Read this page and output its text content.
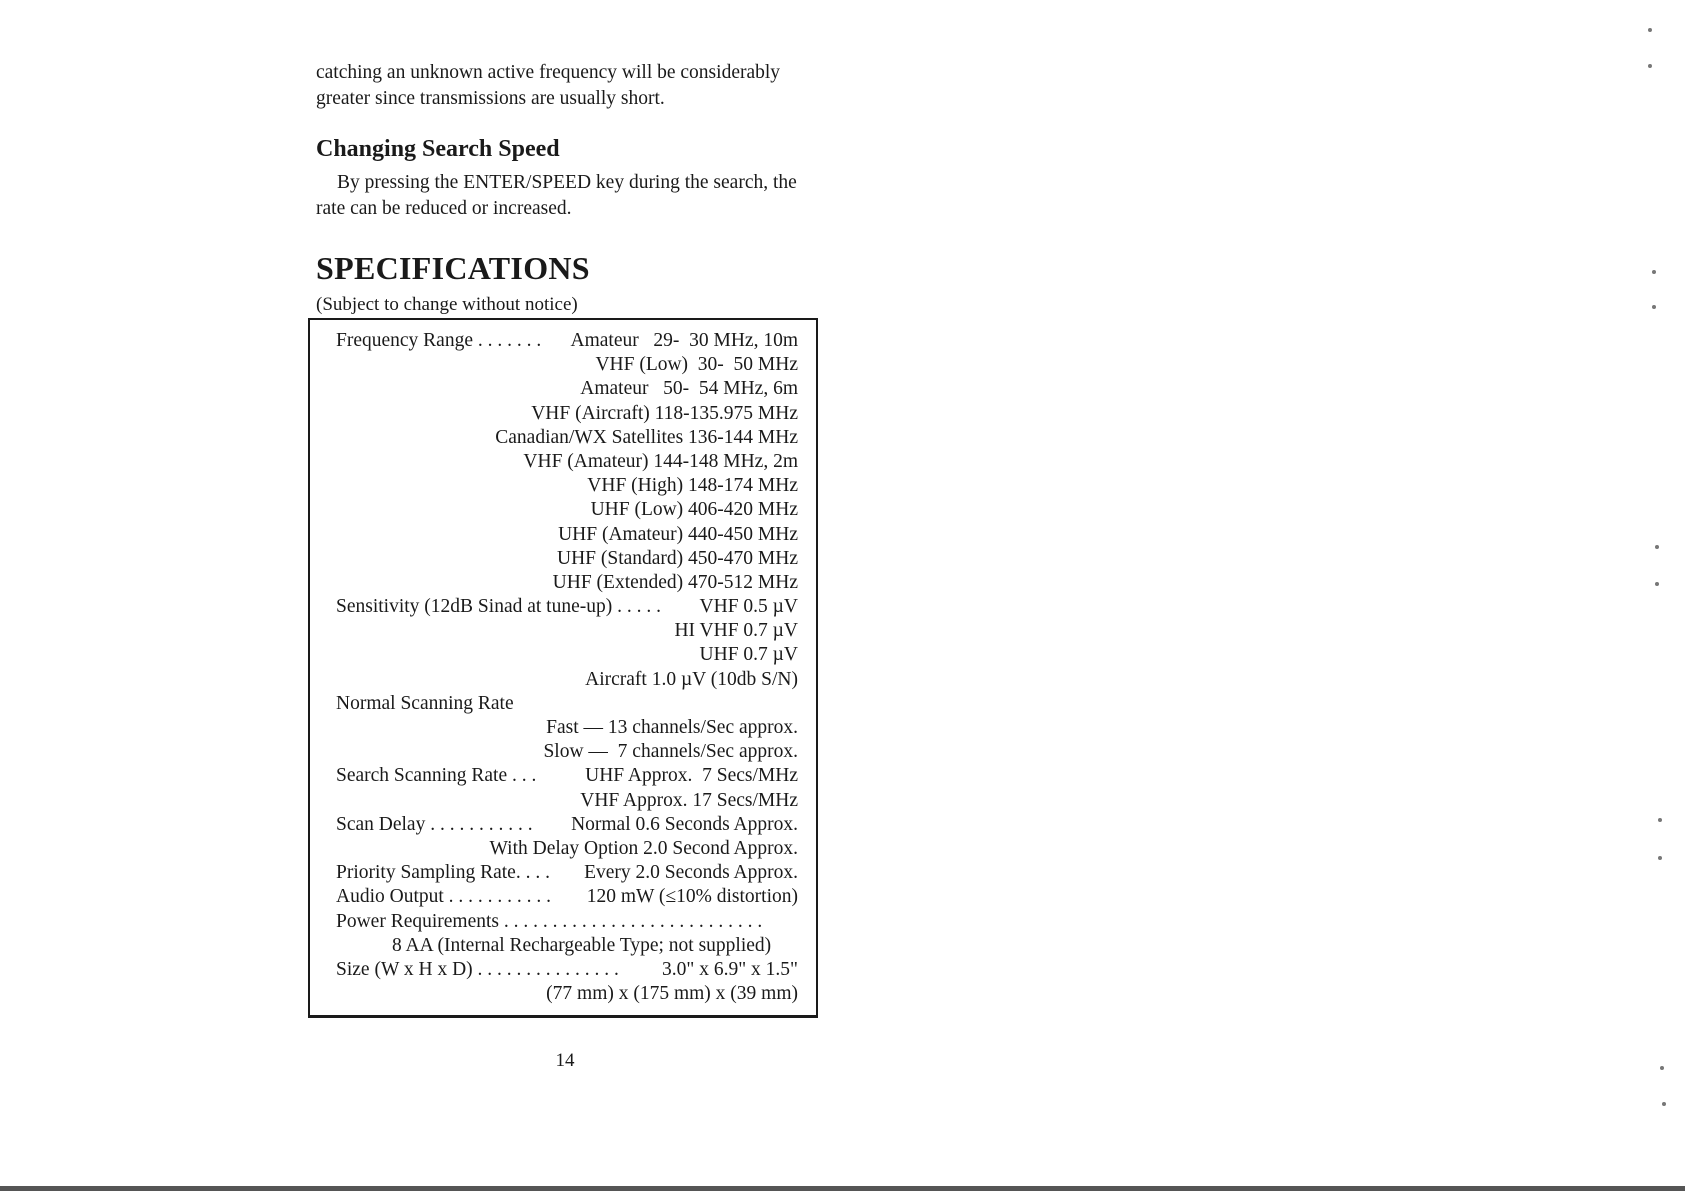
catching an unknown active frequency will be considerably

greater since transmissions are usually short.

Changing Search Speed

By pressing the ENTER/SPEED key during the search, the

rate can be reduced or increased.

SPECIFICATIONS

(Subject to change without notice)

Frequency Range . . . . . . . Amateur   29-  30 MHz, 10m
VHF (Low)  30-  50 MHz
Amateur   50-  54 MHz, 6m
VHF (Aircraft) 118-135.975 MHz
Canadian/WX Satellites 136-144 MHz
VHF (Amateur) 144-148 MHz, 2m
VHF (High) 148-174 MHz
UHF (Low) 406-420 MHz
UHF (Amateur) 440-450 MHz
UHF (Standard) 450-470 MHz
UHF (Extended) 470-512 MHz
Sensitivity (12dB Sinad at tune-up) . . . . . VHF 0.5 µV
HI VHF 0.7 µV
UHF 0.7 µV
Aircraft 1.0 µV (10db S/N)
Normal Scanning Rate
Fast — 13 channels/Sec approx.
Slow —  7 channels/Sec approx.
Search Scanning Rate . . .	UHF Approx.  7 Secs/MHz
VHF Approx. 17 Secs/MHz
Scan Delay . . . . . . . . . . . Normal 0.6 Seconds Approx.
With Delay Option 2.0 Second Approx.
Priority Sampling Rate. . . . Every 2.0 Seconds Approx.
Audio Output . . . . . . . . . . . 120 mW (≤10% distortion)
Power Requirements . . . . . . . . . . . . . . . . . . . . . . . . . . .
8 AA (Internal Rechargeable Type; not supplied)
Size (W x H x D) . . . . . . . . . . . . . . . 3.0" x 6.9" x 1.5"
(77 mm) x (175 mm) x (39 mm)
14
